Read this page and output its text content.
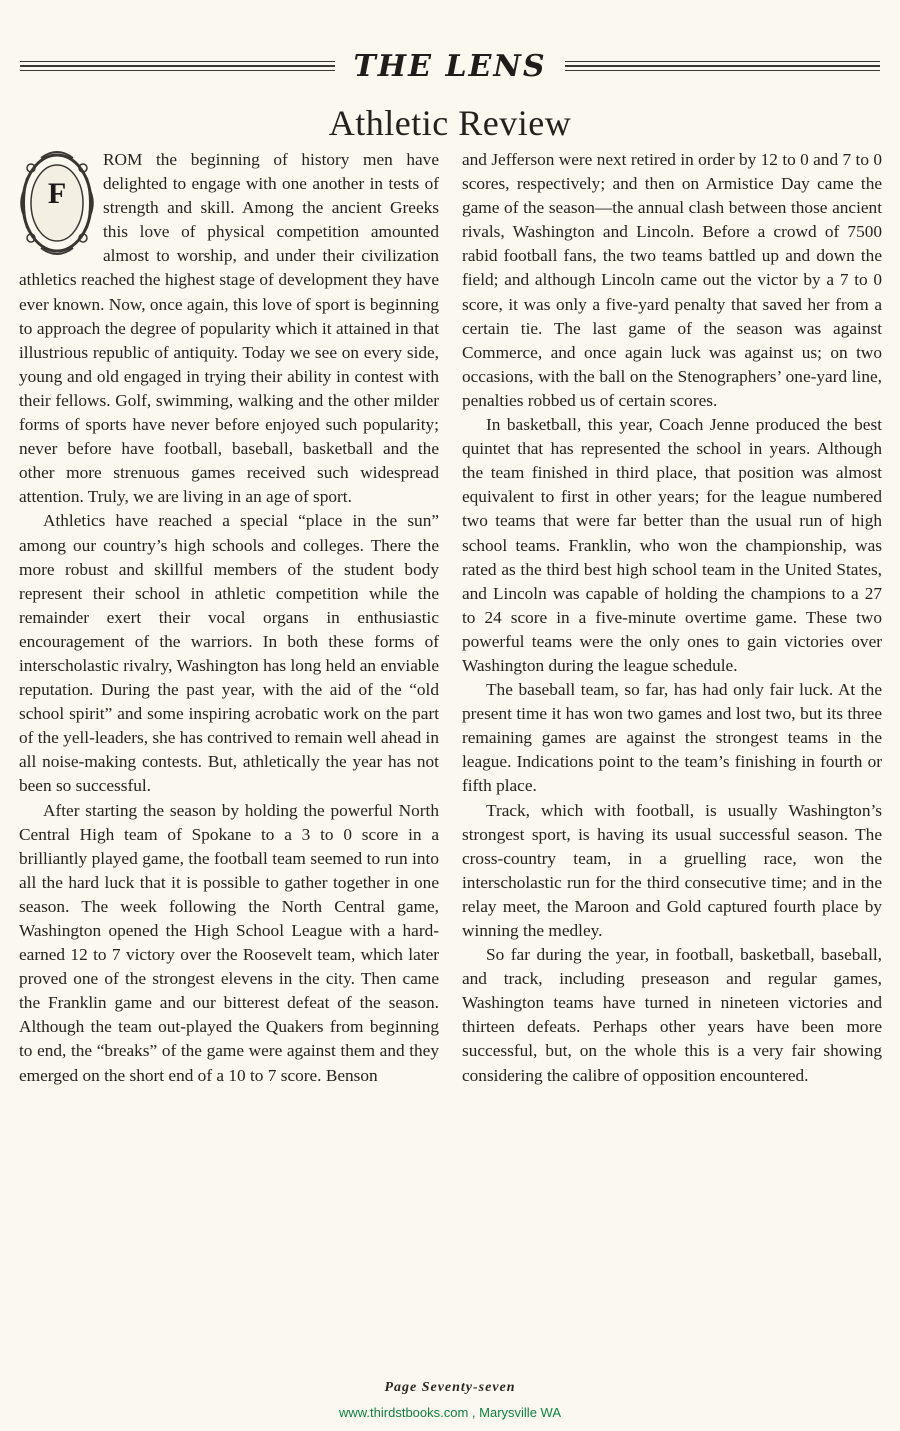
THE LENS
Athletic Review
F

ROM the beginning of history men have delighted to engage with one another in tests of strength and skill. Among the ancient Greeks this love of physical competition amounted almost to worship, and under their civilization athletics reached the highest stage of development they have ever known. Now, once again, this love of sport is beginning to approach the degree of popularity which it attained in that illustrious republic of antiquity. Today we see on every side, young and old engaged in trying their ability in contest with their fellows. Golf, swimming, walking and the other milder forms of sports have never before enjoyed such popularity; never before have football, baseball, basketball and the other more strenuous games received such widespread attention. Truly, we are living in an age of sport.

Athletics have reached a special “place in the sun” among our country’s high schools and colleges. There the more robust and skillful members of the student body represent their school in athletic competition while the remainder exert their vocal organs in enthusiastic encouragement of the warriors. In both these forms of interscholastic rivalry, Washington has long held an enviable reputation. During the past year, with the aid of the “old school spirit” and some inspiring acrobatic work on the part of the yell-leaders, she has contrived to remain well ahead in all noise-making contests. But, athletically the year has not been so successful.

After starting the season by holding the powerful North Central High team of Spokane to a 3 to 0 score in a brilliantly played game, the football team seemed to run into all the hard luck that it is possible to gather together in one season. The week following the North Central game, Washington opened the High School League with a hard-earned 12 to 7 victory over the Roosevelt team, which later proved one of the strongest elevens in the city. Then came the Franklin game and our bitterest defeat of the season. Although the team out-played the Quakers from beginning to end, the “breaks” of the game were against them and they emerged on the short end of a 10 to 7 score. Benson

and Jefferson were next retired in order by 12 to 0 and 7 to 0 scores, respectively; and then on Armistice Day came the game of the season—the annual clash between those ancient rivals, Washington and Lincoln. Before a crowd of 7500 rabid football fans, the two teams battled up and down the field; and although Lincoln came out the victor by a 7 to 0 score, it was only a five-yard penalty that saved her from a certain tie. The last game of the season was against Commerce, and once again luck was against us; on two occasions, with the ball on the Stenographers’ one-yard line, penalties robbed us of certain scores.

In basketball, this year, Coach Jenne produced the best quintet that has represented the school in years. Although the team finished in third place, that position was almost equivalent to first in other years; for the league numbered two teams that were far better than the usual run of high school teams. Franklin, who won the championship, was rated as the third best high school team in the United States, and Lincoln was capable of holding the champions to a 27 to 24 score in a five-minute overtime game. These two powerful teams were the only ones to gain victories over Washington during the league schedule.

The baseball team, so far, has had only fair luck. At the present time it has won two games and lost two, but its three remaining games are against the strongest teams in the league. Indications point to the team’s finishing in fourth or fifth place.

Track, which with football, is usually Washington’s strongest sport, is having its usual successful season. The cross-country team, in a gruelling race, won the interscholastic run for the third consecutive time; and in the relay meet, the Maroon and Gold captured fourth place by winning the medley.

So far during the year, in football, basketball, baseball, and track, including preseason and regular games, Washington teams have turned in nineteen victories and thirteen defeats. Perhaps other years have been more successful, but, on the whole this is a very fair showing considering the calibre of opposition encountered.

Page Seventy-seven
www.thirdstbooks.com , Marysville WA
